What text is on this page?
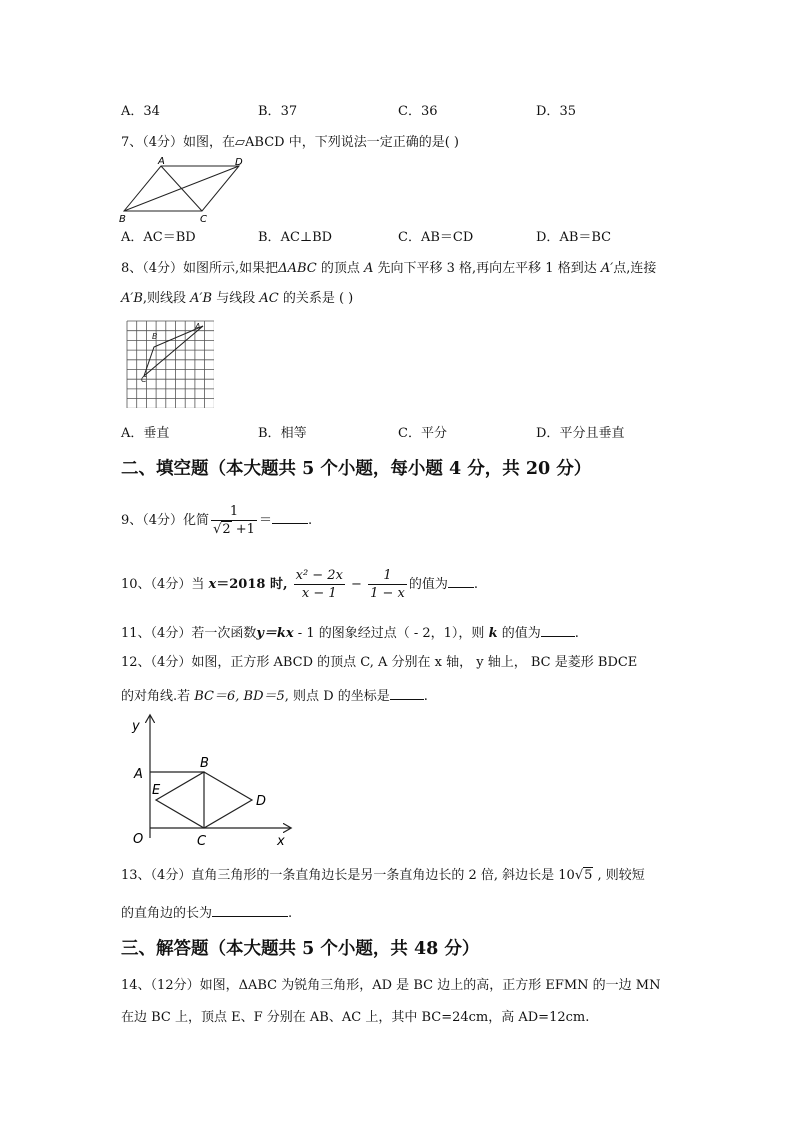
A．34	B．37	C．36	D．35
7、（4分）如图，在▱ABCD 中，下列说法一定正确的是( )
A	D
B	C
A．AC＝BD	B．AC⊥BD	C．AB＝CD	D．AB＝BC
8、（4分）如图所示,如果把ΔABC 的顶点 A 先向下平移 3 格,再向左平移 1 格到达 A′点,连接
A′B,则线段 A′B 与线段 AC 的关系是 ( )
A
B
C
A．垂直	B．相等	C．平分	D．平分且垂直
二、填空题（本大题共 5 个小题，每小题 4 分，共 20 分）
9、（4分）化简 $\frac{1}{√2 +1}$ ＝	.
10、（4分）当 x＝2018 时, $\frac{\text{x² − 2x}}{x - 1} - \frac{1}{1 - x}$ 的值为 .
11、（4分）若一次函数y＝kx - 1 的图象经过点（ - 2，1），则 k 的值为	.
12、（4分）如图，正方形 ABCD 的顶点 C, A 分别在 x 轴， y 轴上， BC 是菱形 BDCE
的对角线.若 BC＝6, BD＝5, 则点 D 的坐标是	.
y
x
O
A
B
C
D
E
13、（4分）直角三角形的一条直角边长是另一条直角边长的 2 倍, 斜边长是 10√5 , 则较短
的直角边的长为	.
三、解答题（本大题共 5 个小题，共 48 分）
14、（12分）如图，ΔABC 为锐角三角形，AD 是 BC 边上的高，正方形 EFMN 的一边 MN
在边 BC 上，顶点 E、F 分别在 AB、AC 上，其中 BC=24cm，高 AD=12cm.
